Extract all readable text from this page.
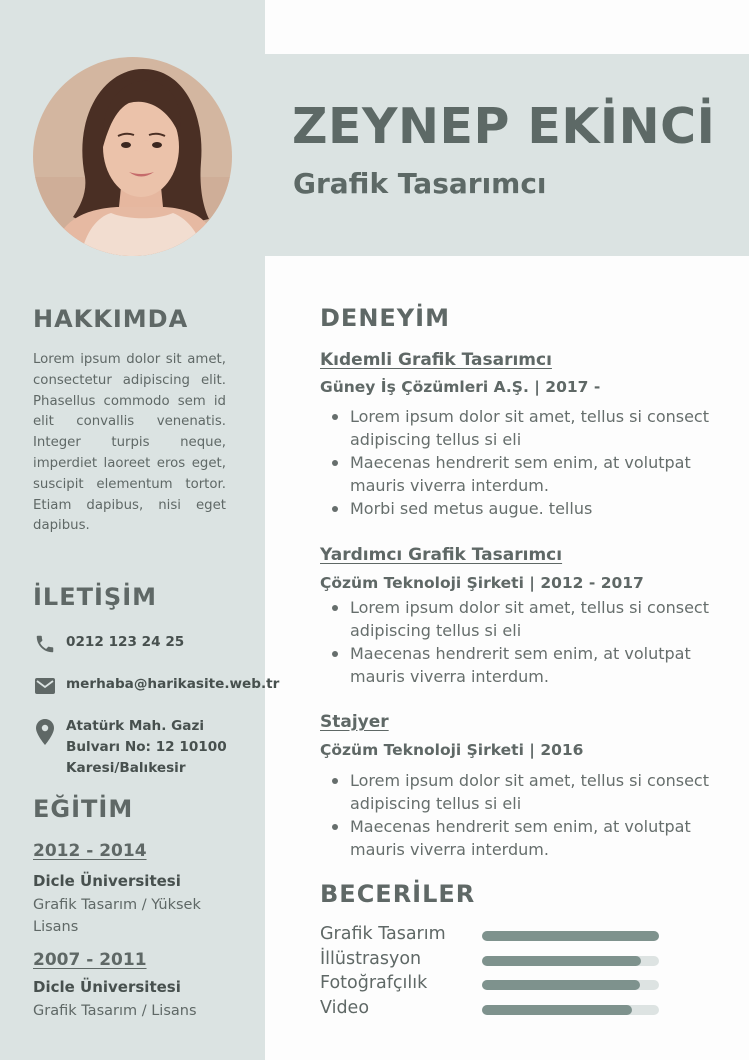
ZEYNEP EKİNCİ
Grafik Tasarımcı
HAKKIMDA
Lorem ipsum dolor sit amet, consectetur adipiscing elit. Phasellus commodo sem id elit convallis venenatis. Integer turpis neque, imperdiet laoreet eros eget, suscipit elementum tortor. Etiam dapibus, nisi eget dapibus.
İLETİŞİM
0212 123 24 25
merhaba@harikasite.web.tr
Atatürk Mah. Gazi
Bulvarı No: 12 10100
Karesi/Balıkesir
EĞİTİM
2012 - 2014
Dicle Üniversitesi
Grafik Tasarım / Yüksek Lisans
2007 - 2011
Dicle Üniversitesi
Grafik Tasarım / Lisans
DENEYİM
Kıdemli Grafik Tasarımcı
Güney İş Çözümleri A.Ş. | 2017 -
Lorem ipsum dolor sit amet, tellus si consect adipiscing tellus si eli
Maecenas hendrerit sem enim, at volutpat mauris viverra interdum.
Morbi sed metus augue. tellus
Yardımcı Grafik Tasarımcı
Çözüm Teknoloji Şirketi | 2012 - 2017
Lorem ipsum dolor sit amet, tellus si consect adipiscing tellus si eli
Maecenas hendrerit sem enim, at volutpat mauris viverra interdum.
Stajyer
Çözüm Teknoloji Şirketi | 2016
Lorem ipsum dolor sit amet, tellus si consect adipiscing tellus si eli
Maecenas hendrerit sem enim, at volutpat mauris viverra interdum.
BECERİLER
Grafik Tasarım
İllüstrasyon
Fotoğrafçılık
Video
